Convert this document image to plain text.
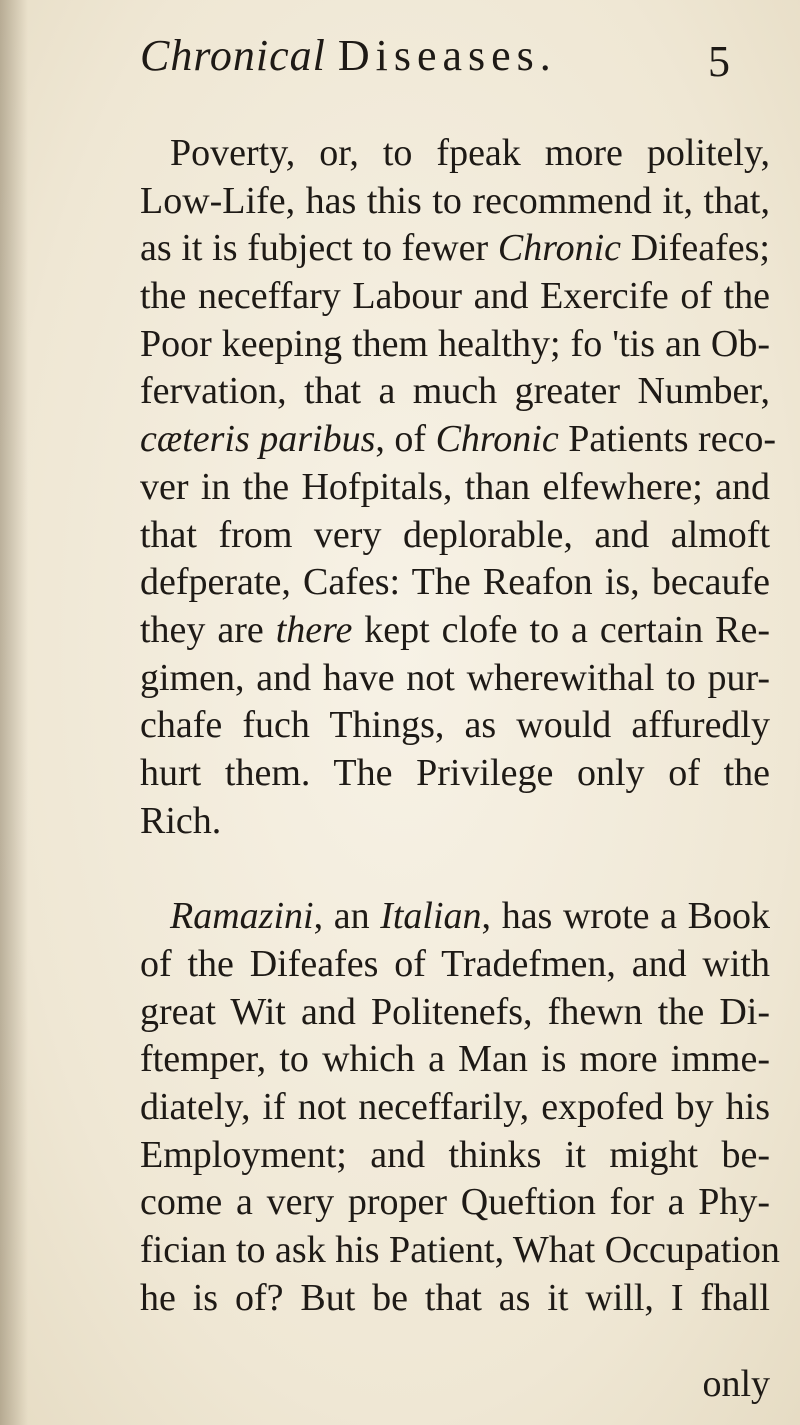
Chronical Diseases.	5
Poverty, or, to fpeak more politely,
Low-Life, has this to recommend it, that,
as it is fubject to fewer Chronic Difeafes;
the neceffary Labour and Exercife of the
Poor keeping them healthy; fo 'tis an Ob-
fervation, that a much greater Number,
cæteris paribus, of Chronic Patients reco-
ver in the Hofpitals, than elfewhere; and
that from very deplorable, and almoft
defperate, Cafes: The Reafon is, becaufe
they are there kept clofe to a certain Re-
gimen, and have not wherewithal to pur-
chafe fuch Things, as would affuredly
hurt them. The Privilege only of the
Rich.
Ramazini, an Italian, has wrote a Book
of the Difeafes of Tradefmen, and with
great Wit and Politenefs, fhewn the Di-
ftemper, to which a Man is more imme-
diately, if not neceffarily, expofed by his
Employment; and thinks it might be-
come a very proper Queftion for a Phy-
fician to ask his Patient, What Occupation
he is of? But be that as it will, I fhall
only
